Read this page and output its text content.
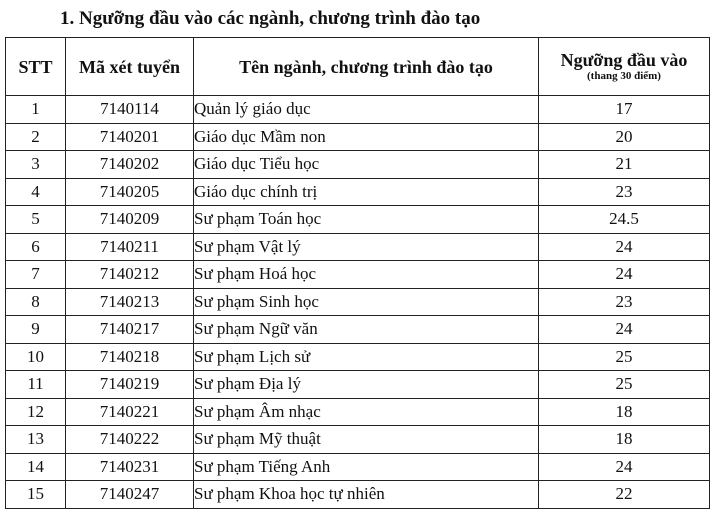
1. Ngưỡng đầu vào các ngành, chương trình đào tạo
STT	Mã xét tuyển	Tên ngành, chương trình đào tạo	Ngưỡng đầu vào
(thang 30 điểm)

1	7140114	Quản lý giáo dục	17
2	7140201	Giáo dục Mầm non	20
3	7140202	Giáo dục Tiểu học	21
4	7140205	Giáo dục chính trị	23
5	7140209	Sư phạm Toán học	24.5
6	7140211	Sư phạm Vật lý	24
7	7140212	Sư phạm Hoá học	24
8	7140213	Sư phạm Sinh học	23
9	7140217	Sư phạm Ngữ văn	24
10	7140218	Sư phạm Lịch sử	25
11	7140219	Sư phạm Địa lý	25
12	7140221	Sư phạm Âm nhạc	18
13	7140222	Sư phạm Mỹ thuật	18
14	7140231	Sư phạm Tiếng Anh	24
15	7140247	Sư phạm Khoa học tự nhiên	22
